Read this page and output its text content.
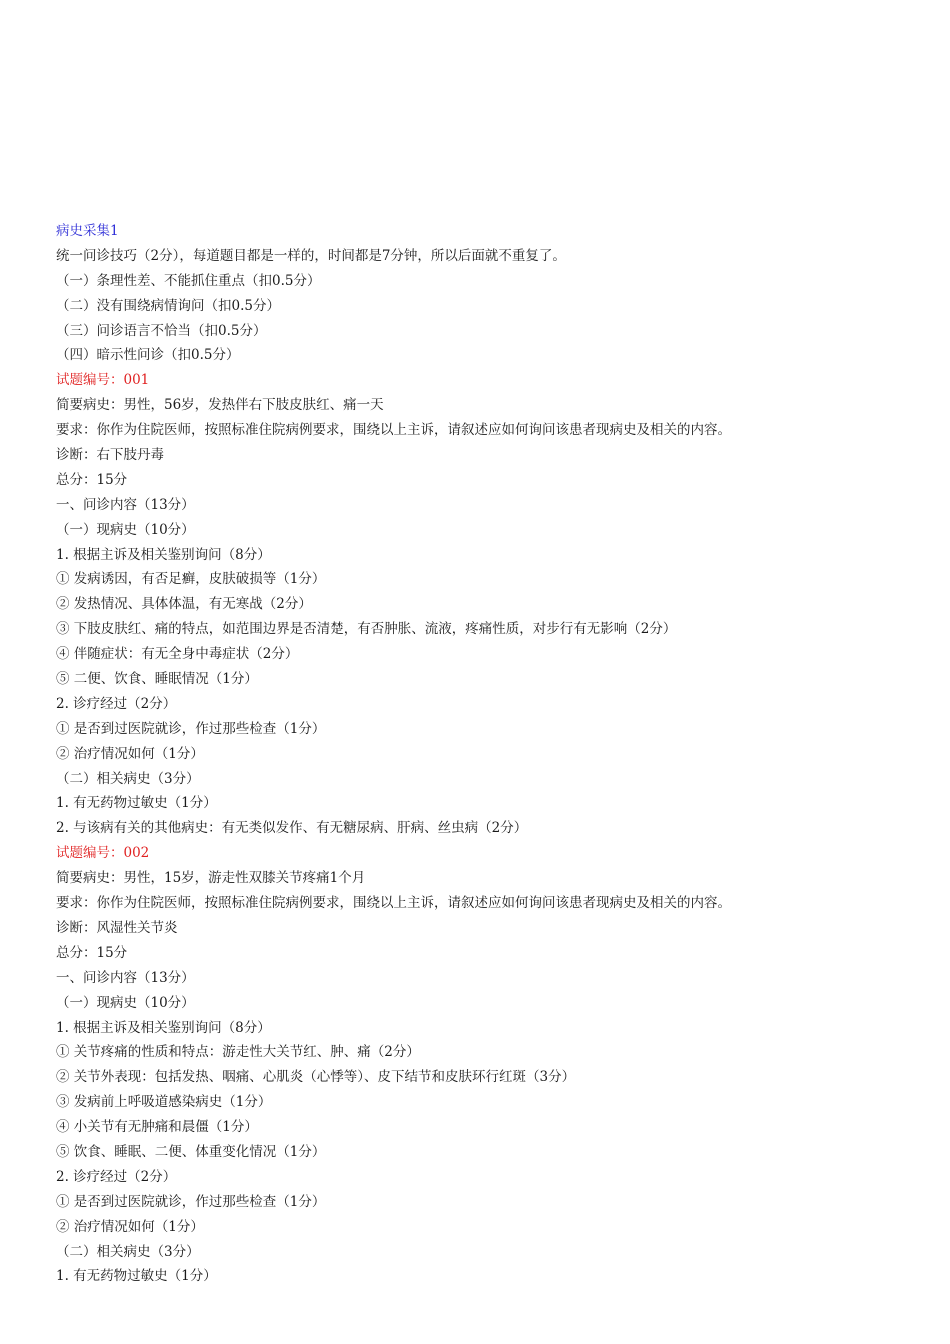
病史采集1
统一问诊技巧（2分），每道题目都是一样的，时间都是7分钟，所以后面就不重复了。
（一）条理性差、不能抓住重点（扣0.5分）
（二）没有围绕病情询问（扣0.5分）
（三）问诊语言不恰当（扣0.5分）
（四）暗示性问诊（扣0.5分）
试题编号：001
简要病史：男性，56岁，发热伴右下肢皮肤红、痛一天
要求：你作为住院医师，按照标准住院病例要求，围绕以上主诉，请叙述应如何询问该患者现病史及相关的内容。
诊断：右下肢丹毒
总分：15分
一、问诊内容（13分）
（一）现病史（10分）
1. 根据主诉及相关鉴别询问（8分）
① 发病诱因，有否足癣，皮肤破损等（1分）
② 发热情况、具体体温，有无寒战（2分）
③ 下肢皮肤红、痛的特点，如范围边界是否清楚，有否肿胀、流液，疼痛性质，对步行有无影响（2分）
④ 伴随症状：有无全身中毒症状（2分）
⑤ 二便、饮食、睡眠情况（1分）
2. 诊疗经过（2分）
① 是否到过医院就诊，作过那些检查（1分）
② 治疗情况如何（1分）
（二）相关病史（3分）
1. 有无药物过敏史（1分）
2. 与该病有关的其他病史：有无类似发作、有无糖尿病、肝病、丝虫病（2分）
试题编号：002
简要病史：男性，15岁，游走性双膝关节疼痛1个月
要求：你作为住院医师，按照标准住院病例要求，围绕以上主诉，请叙述应如何询问该患者现病史及相关的内容。
诊断：风湿性关节炎
总分：15分
一、问诊内容（13分）
（一）现病史（10分）
1. 根据主诉及相关鉴别询问（8分）
① 关节疼痛的性质和特点：游走性大关节红、肿、痛（2分）
② 关节外表现：包括发热、咽痛、心肌炎（心悸等）、皮下结节和皮肤环行红斑（3分）
③ 发病前上呼吸道感染病史（1分）
④ 小关节有无肿痛和晨僵（1分）
⑤ 饮食、睡眠、二便、体重变化情况（1分）
2. 诊疗经过（2分）
① 是否到过医院就诊，作过那些检查（1分）
② 治疗情况如何（1分）
（二）相关病史（3分）
1. 有无药物过敏史（1分）
